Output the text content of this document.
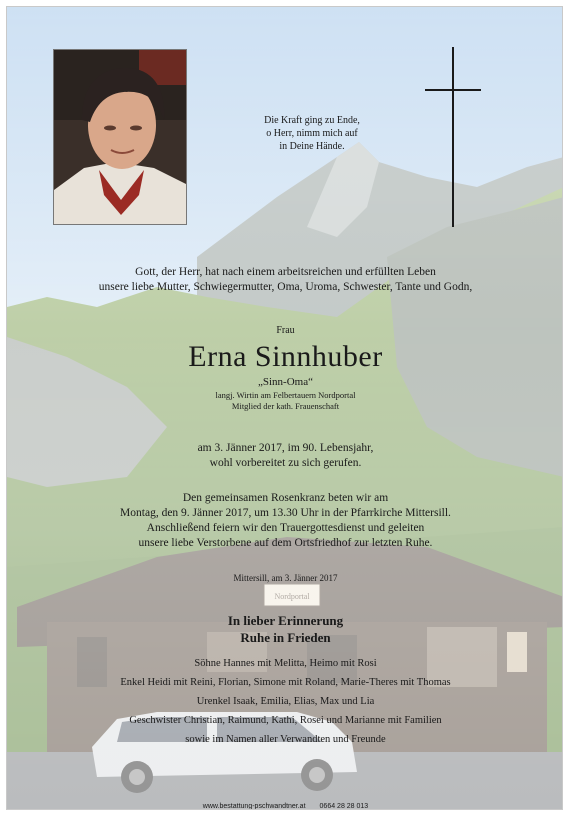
Die Kraft ging zu Ende,
o Herr, nimm mich auf
in Deine Hände.
Gott, der Herr, hat nach einem arbeitsreichen und erfüllten Leben
unsere liebe Mutter, Schwiegermutter, Oma, Uroma, Schwester, Tante und Godn,
Frau
Erna Sinnhuber
„Sinn-Oma“
langj. Wirtin am Felbertauern Nordportal
Mitglied der kath. Frauenschaft
am 3. Jänner 2017, im 90. Lebensjahr,
wohl vorbereitet zu sich gerufen.
Den gemeinsamen Rosenkranz beten wir am
Montag, den 9. Jänner 2017, um 13.30 Uhr in der Pfarrkirche Mittersill.
Anschließend feiern wir den Trauergottesdienst und geleiten
unsere liebe Verstorbene auf dem Ortsfriedhof zur letzten Ruhe.
Mittersill, am 3. Jänner 2017
In lieber Erinnerung
Ruhe in Frieden
Söhne Hannes mit Melitta, Heimo mit Rosi
Enkel Heidi mit Reini, Florian, Simone mit Roland, Marie-Theres mit Thomas
Urenkel Isaak, Emilia, Elias, Max und Lia
Geschwister Christian, Raimund, Kathi, Rosei und Marianne mit Familien
sowie im Namen aller Verwandten und Freunde
www.bestattung-pschwandtner.at 0664 28 28 013
